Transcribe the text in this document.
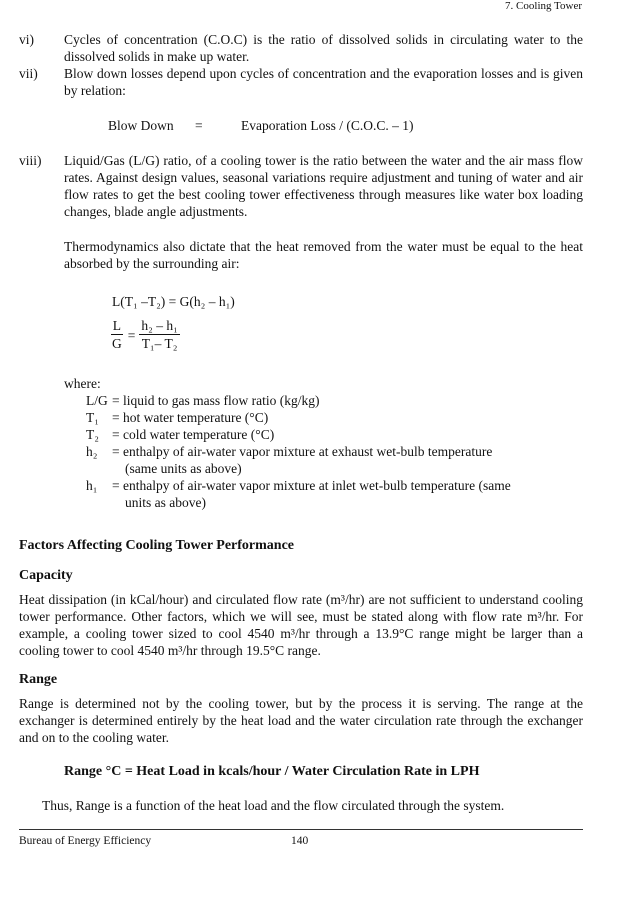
7. Cooling Tower
vi) Cycles of concentration (C.O.C) is the ratio of dissolved solids in circulating water to the dissolved solids in make up water.
vii) Blow down losses depend upon cycles of concentration and the evaporation losses and is given by relation:
Blow Down =	Evaporation Loss / (C.O.C. – 1)
viii) Liquid/Gas (L/G) ratio, of a cooling tower is the ratio between the water and the air mass flow rates. Against design values, seasonal variations require adjustment and tuning of water and air flow rates to get the best cooling tower effectiveness through measures like water box loading changes, blade angle adjustments.
Thermodynamics also dictate that the heat removed from the water must be equal to the heat absorbed by the surrounding air:
L(T₁ –T₂) = G(h₂ – h₁)
$\frac{L}{G} = \frac{\text{h₂ – h₁}}{\text{T₁– T₂}}$
where:
L/G	= liquid to gas mass flow ratio (kg/kg)
T₁	= hot water temperature (°C)
T₂	= cold water temperature (°C)
h₂	= enthalpy of air-water vapor mixture at exhaust wet-bulb temperature
(same units as above)

h₁	= enthalpy of air-water vapor mixture at inlet wet-bulb temperature (same
units as above)
Factors Affecting Cooling Tower Performance
Capacity
Heat dissipation (in kCal/hour) and circulated flow rate (m³/hr) are not sufficient to understand cooling tower performance. Other factors, which we will see, must be stated along with flow rate m³/hr. For example, a cooling tower sized to cool 4540 m³/hr through a 13.9°C range might be larger than a cooling tower to cool 4540 m³/hr through 19.5°C range.
Range
Range is determined not by the cooling tower, but by the process it is serving. The range at the exchanger is determined entirely by the heat load and the water circulation rate through the exchanger and on to the cooling water.
Range °C = Heat Load in kcals/hour / Water Circulation Rate in LPH
Thus, Range is a function of the heat load and the flow circulated through the system.
Bureau of Energy Efficiency	140
